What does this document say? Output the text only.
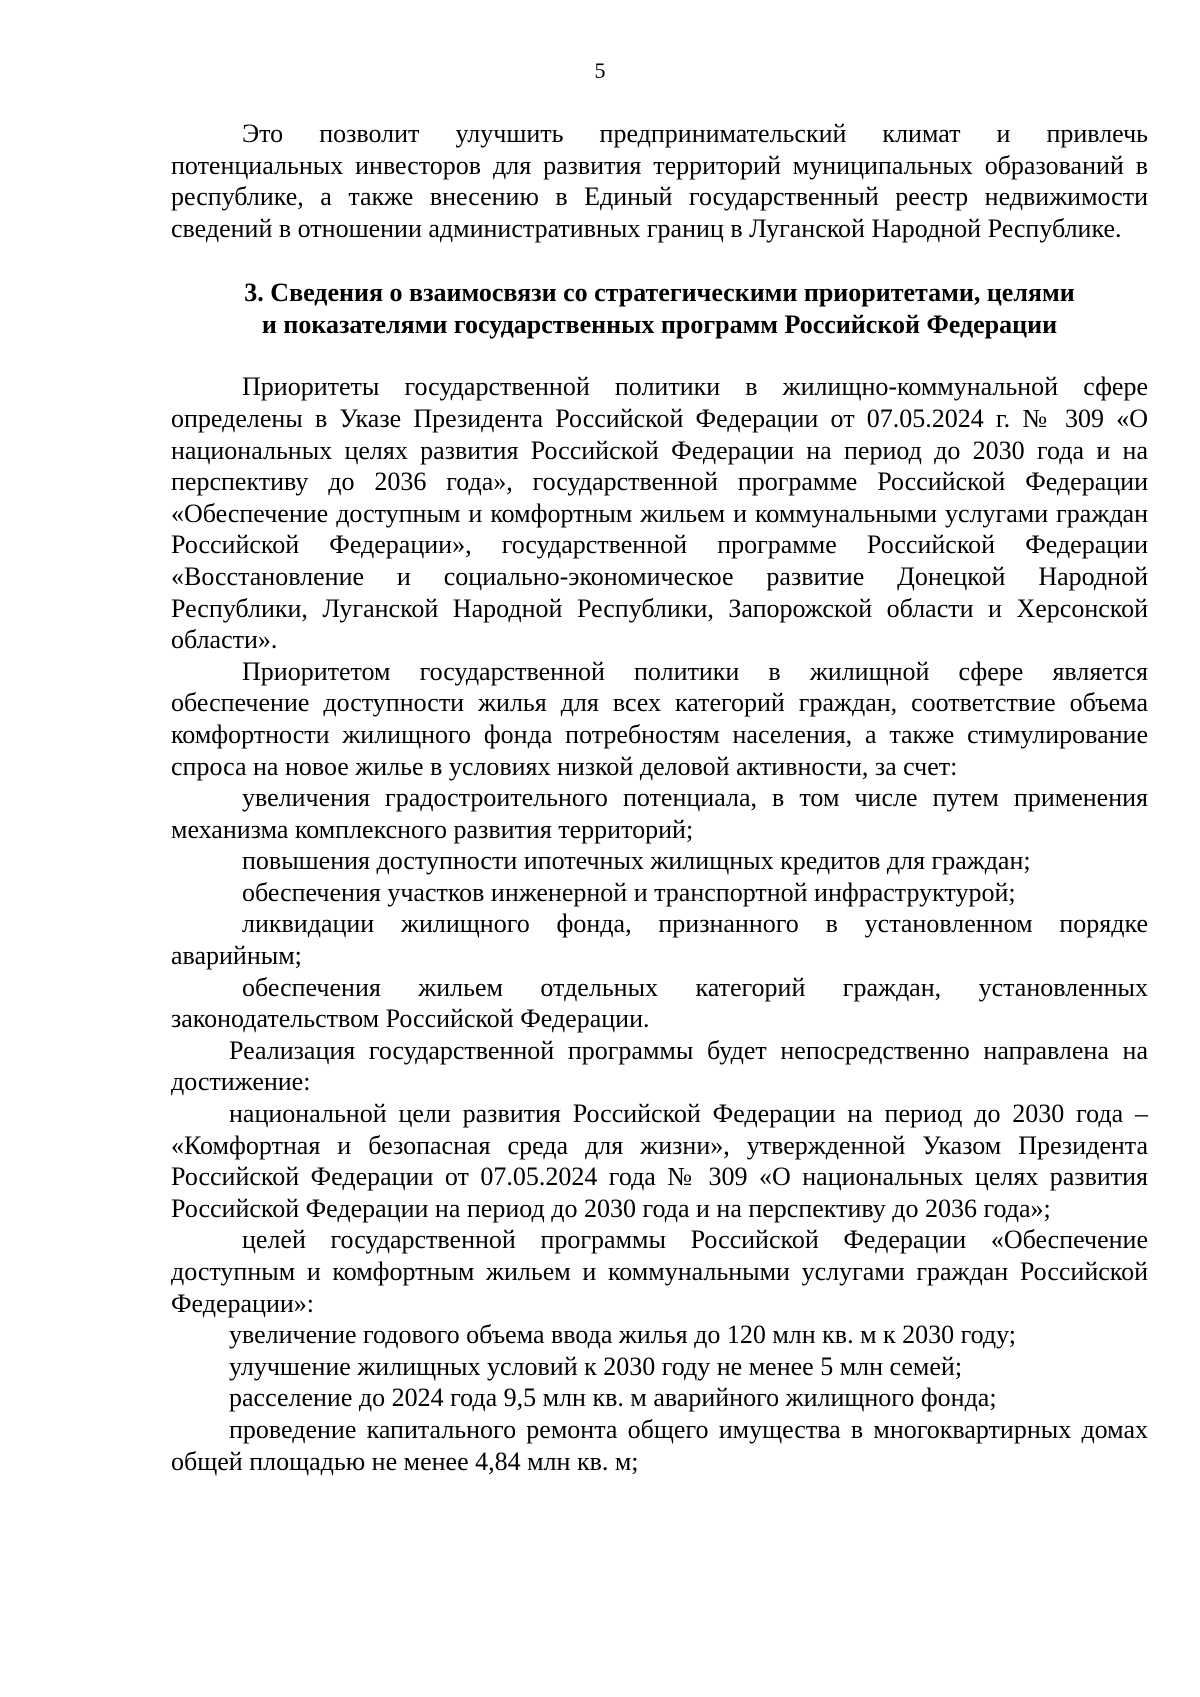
5

Это позволит улучшить предпринимательский климат и привлечь потенциальных инвесторов для развития территорий муниципальных образований в республике, а также внесению в Единый государственный реестр недвижимости сведений в отношении административных границ в Луганской Народной Республике.

3. Сведения о взаимосвязи со стратегическими приоритетами, целями
и показателями государственных программ Российской Федерации

Приоритеты государственной политики в жилищно-коммунальной сфере определены в Указе Президента Российской Федерации от 07.05.2024 г. № 309 «О национальных целях развития Российской Федерации на период до 2030 года и на перспективу до 2036 года», государственной программе Российской Федерации «Обеспечение доступным и комфортным жильем и коммунальными услугами граждан Российской Федерации», государственной программе Российской Федерации «Восстановление и социально-экономическое развитие Донецкой Народной Республики, Луганской Народной Республики, Запорожской области и Херсонской области».

Приоритетом государственной политики в жилищной сфере является обеспечение доступности жилья для всех категорий граждан, соответствие объема комфортности жилищного фонда потребностям населения, а также стимулирование спроса на новое жилье в условиях низкой деловой активности, за счет:

увеличения градостроительного потенциала, в том числе путем применения механизма комплексного развития территорий;

повышения доступности ипотечных жилищных кредитов для граждан;

обеспечения участков инженерной и транспортной инфраструктурой;

ликвидации жилищного фонда, признанного в установленном порядке аварийным;

обеспечения жильем отдельных категорий граждан, установленных законодательством Российской Федерации.

Реализация государственной программы будет непосредственно направлена на достижение:

национальной цели развития Российской Федерации на период до 2030 года – «Комфортная и безопасная среда для жизни», утвержденной Указом Президента Российской Федерации от 07.05.2024 года № 309 «О национальных целях развития Российской Федерации на период до 2030 года и на перспективу до 2036 года»;

целей государственной программы Российской Федерации «Обеспечение доступным и комфортным жильем и коммунальными услугами граждан Российской Федерации»:

увеличение годового объема ввода жилья до 120 млн кв. м к 2030 году;

улучшение жилищных условий к 2030 году не менее 5 млн семей;

расселение до 2024 года 9,5 млн кв. м аварийного жилищного фонда;

проведение капитального ремонта общего имущества в многоквартирных домах общей площадью не менее 4,84 млн кв. м;
